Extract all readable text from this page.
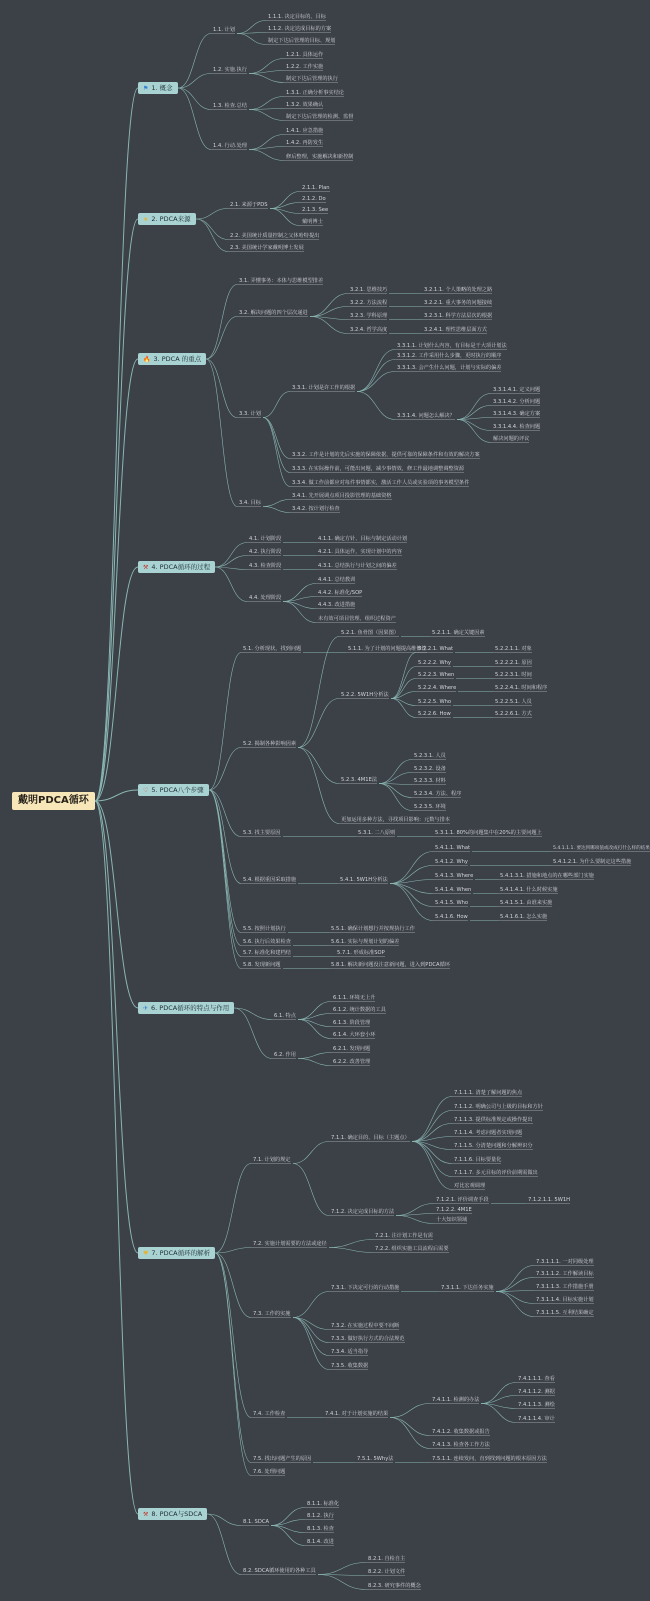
⚑ 1. 概念
★ 2. PDCA来源
🔥 3. PDCA 的重点
⚒ 4. PDCA循环的过程
♡ 5. PDCA八个步骤
✈ 6. PDCA循环的特点与作用
♥ 7. PDCA循环的解析
⚒ 8. PDCA与SDCA
1.1. 计划
1.1.1. 决定目标的、目标
1.1.2. 决定达成目标的方案
制定下达后管理的目标、规划
1.2. 实施.执行
1.2.1. 具体运作
1.2.2. 工作实施
制定下达后管理的执行
1.3. 检查.总结
1.3.1. 正确分析事实结论
1.3.2. 效果确认
制定下达后管理的检测、监督
1.4. 行动.处理
1.4.1. 应急措施
1.4.2. 再防发生
修后整理，实施解决和新控制
2.1. 来源于PDS
2.1.1. Plan
2.1.2. Do
2.1.3. See
戴明博士
2.2. 美国统计质量控制之父休哈特提出
2.3. 美国统计学家戴明博士发展
3.1. 弄懂事务：本体与思维模型排差
3.2. 解决问题的四个层次递进
3.2.1. 思维技巧	3.2.1.1. 个人策略的处理之路
3.2.2. 方法流程	3.2.2.1. 重大事务的问题接续
3.2.3. 学科原理	3.2.3.1. 科学方法层次的根据
3.2.4. 哲学高度	3.2.4.1. 理性思维层面方式
3.3. 计划
3.3.1. 计划是许工作的根据
3.3.1.1. 计划什么内容，有目标是干大项计划法
3.3.1.2. 工作采用什么步骤，更时执行的顺序
3.3.1.3. 会产生什么问题，计划与实际的偏差
3.3.1.4. 问题怎么解决？
3.3.1.4.1. 定义问题
3.3.1.4.2. 分析问题
3.3.1.4.3. 确定方案
3.3.1.4.4. 检查问题
解决问题的评议
3.3.2. 工作是计划的先后实施的保障依据，提供可靠的保障条件和有效的解决方案
3.3.3. 在实际操作前，可能出问题，减少事情效，修工作最地调整调整资源
3.3.4. 做工作前都应对每件事情都实，激活工作人员或实验项的事务模型条件
3.4. 目标
3.4.1. 先开展调点项目投影管理的基础资格
3.4.2. 按计划行检查
4.1. 计划阶段	4.1.1. 确定方针、目标与制定活动计划
4.2. 执行阶段	4.2.1. 具体运作，实现计划中的内容
4.3. 检查阶段	4.3.1. 总结执行与计划之间的偏差
4.4. 处理阶段
4.4.1. 总结教训
4.4.2. 标准化/SOP
4.4.3. 改进措施
未有效可项目管理、组织过程资产
5.1. 分析现状，找到问题	5.1.1. 为了计划的问题提高维修性
5.2. 揭制各种影响因素
5.2.1. 鱼骨图（因果图）	5.2.1.1. 确定关键因素
5.2.2. 5W1H分析法
5.2.2.1. What	5.2.2.1.1. 对象
5.2.2.2. Why	5.2.2.2.1. 原因
5.2.2.3. When	5.2.2.3.1. 时间
5.2.2.4. Where	5.2.2.4.1. 时间和程序
5.2.2.5. Who	5.2.2.5.1. 人员
5.2.2.6. How	5.2.2.6.1. 方式
5.2.3. 4M1E法
5.2.3.1. 人员
5.2.3.2. 设备
5.2.3.3. 材料
5.2.3.4. 方法、程序
5.2.3.5. 环境
更加运用多种方法，寻找项目影响：元数与排本
5.3. 找主要原因	5.3.1. 二八原则	5.3.1.1. 80%的问题集中在20%的主要问题上
5.4. 根据重因采取措施	5.4.1. 5W1H分析法
5.4.1.1. What	5.4.1.1.1. 要达到哪项值或改成打什么样的结果
5.4.1.2. Why	5.4.1.2.1. 为什么要制定这些措施
5.4.1.3. Where	5.4.1.3.1. 措施和地点的在哪些部门实施
5.4.1.4. When	5.4.1.4.1. 什么时候实施
5.4.1.5. Who	5.4.1.5.1. 由谁来实施
5.4.1.6. How	5.4.1.6.1. 怎么实施
5.5. 按照计划执行	5.5.1. 确保计划想行并按规执行工作
5.6. 执行后效果检查	5.6.1. 实际与规划计划的偏差
5.7. 标准化和建档结	5.7.1. 形成标准SOP
5.8. 发现新问题	5.8.1. 解决新问题没注意新问题，进入到PDCA循环
6.1. 特点
6.1.1. 环境无上升
6.1.2. 统计数据的工具
6.1.3. 阶段管理
6.1.4. 大环套小环
6.2. 作用
6.2.1. 发现问题
6.2.2. 改善管理
7.1. 计划的规定
7.1.1. 确定目的、目标（主题点）
7.1.1.1. 清楚了解问题的焦点
7.1.1.2. 明确公司与上级的目标和方针
7.1.1.3. 提供标准规定或操作提出
7.1.1.4. 考虑问题者实现问题
7.1.1.5. 分清楚问题和分解辨识分
7.1.1.6. 目标要量化
7.1.1.7. 多元目标的评价前期需做出
对比宏观调理
7.1.2. 决定完成目标的方法
7.1.2.1. 评价调查手段	7.1.2.1.1. 5W1H
7.1.2.2. 4M1E
十大知识领域
7.2. 实施计划需要的方法或途径
7.2.1. 注计划工作是有需
7.2.2. 组织实施工具流程后需要
7.3. 工作的实施
7.3.1. 下决定可行的行动措施	7.3.1.1. 下达任务实施
7.3.1.1.1. 一对同级处理
7.3.1.1.2. 工作解读目标
7.3.1.1.3. 工作措施手册
7.3.1.1.4. 目标实施计划
7.3.1.1.5. 互利结果确定
7.3.2. 在实施过程中要不间断
7.3.3. 做好执行方式的合法规范
7.3.4. 适当指导
7.3.5. 收集数据
7.4. 工作检查	7.4.1. 对于计划实施的结果
7.4.1.1. 检测的办法
7.4.1.1.1. 查看
7.4.1.1.2. 测据
7.4.1.1.3. 测绘
7.4.1.1.4. 审计
7.4.1.2. 收集数据或报告
7.4.1.3. 检查各工作方法
7.5. 找出问题产生的原因	7.5.1. 5Why法	7.5.1.1. 连续发问，直到找到问题的根本原因方法
7.6. 处理问题
8.1. SDCA
8.1.1. 标准化
8.1.2. 执行
8.1.3. 检查
8.1.4. 改进
8.2. SDCA循环使用的各种工具
8.2.1. 自检自主
8.2.2. 计划文件
8.2.3. 研究事件的概念
戴明PDCA循环
